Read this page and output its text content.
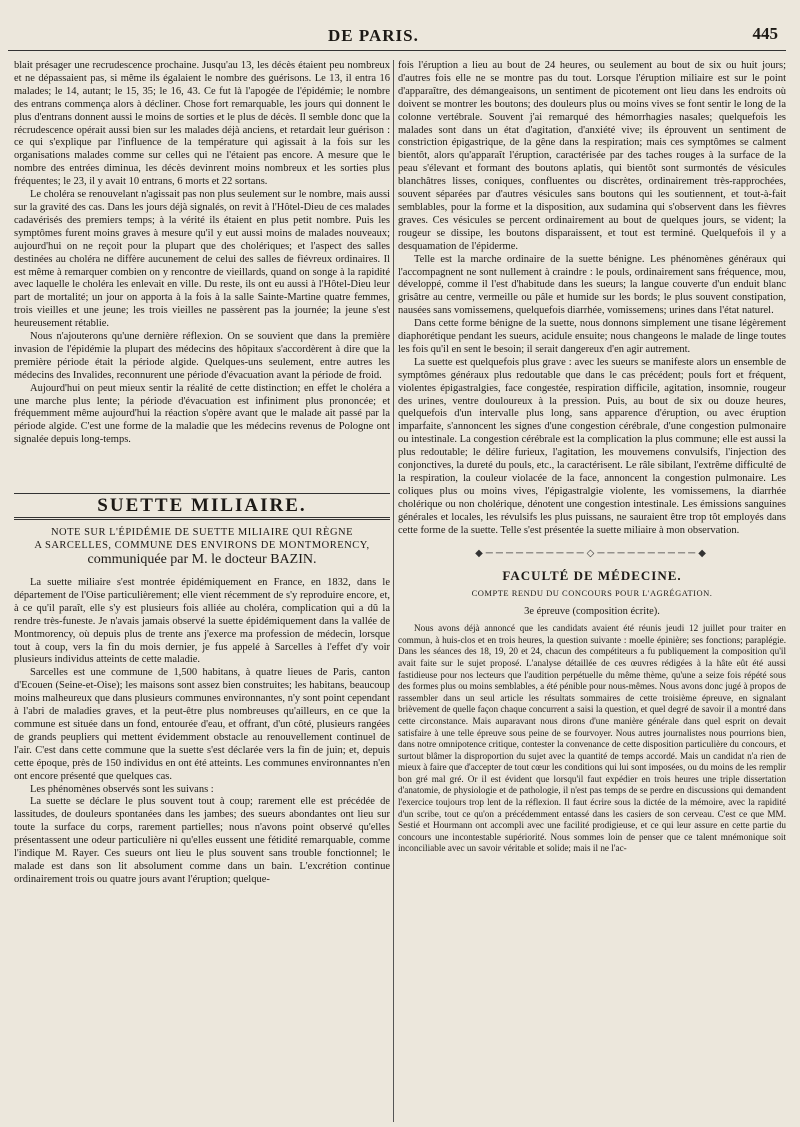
DE PARIS.	445

blait présager une recrudescence prochaine. Jusqu'au 13, les décès étaient peu nombreux et ne dépassaient pas, si même ils égalaient le nombre des guérisons. Le 13, il entra 16 malades; le 14, autant; le 15, 35; le 16, 43. Ce fut là l'apogée de l'épidémie; le nombre des entrans commença alors à décliner. Chose fort remarquable, les jours qui donnent le plus d'entrans donnent aussi le moins de sorties et le plus de décès. Il semble donc que la récrudescence opérait aussi bien sur les malades déjà anciens, et retardait leur guérison : ce qui s'explique par l'influence de la température qui agissait à la fois sur les organisations malades comme sur celles qui ne l'étaient pas encore. A mesure que le nombre des entrées diminua, les décès devinrent moins nombreux et les sorties plus fréquentes; le 23, il y avait 10 entrans, 6 morts et 22 sortans.

Le choléra se renouvelant n'agissait pas non plus seulement sur le nombre, mais aussi sur la gravité des cas. Dans les jours déjà signalés, on revit à l'Hôtel-Dieu de ces malades cadavérisés des premiers temps; à la vérité ils étaient en plus petit nombre. Puis les symptômes furent moins graves à mesure qu'il y eut aussi moins de malades nouveaux; aujourd'hui on ne reçoit pour la plupart que des cholériques; et l'aspect des salles destinées au choléra ne diffère aucunement de celui des salles de fiévreux ordinaires. Il est même à remarquer combien on y rencontre de vieillards, quand on songe à la rapidité avec laquelle le choléra les enlevait en ville. Du reste, ils ont eu aussi à l'Hôtel-Dieu leur part de mortalité; un jour on apporta à la fois à la salle Sainte-Martine quatre femmes, trois vieilles et une jeune; les trois vieilles ne passèrent pas la journée; la jeune s'est heureusement rétablie.

Nous n'ajouterons qu'une dernière réflexion. On se souvient que dans la première invasion de l'épidémie la plupart des médecins des hôpitaux s'accordèrent à dire que la première période était la période algide. Quelques-uns seulement, entre autres les médecins des Invalides, reconnurent une période d'évacuation avant la période de froid.

Aujourd'hui on peut mieux sentir la réalité de cette distinction; en effet le choléra a une marche plus lente; la période d'évacuation est infiniment plus prononcée; et fréquemment même aujourd'hui la réaction s'opère avant que le malade ait passé par la période algide. C'est une forme de la maladie que les médecins revenus de Pologne ont signalée depuis long-temps.

SUETTE MILIAIRE.
NOTE SUR L'ÉPIDÉMIE DE SUETTE MILIAIRE QUI RÈGNE
A SARCELLES, COMMUNE DES ENVIRONS DE MONTMORENCY,
communiquée par M. le docteur BAZIN.

La suette miliaire s'est montrée épidémiquement en France, en 1832, dans le département de l'Oise particulièrement; elle vient récemment de s'y reproduire encore, et, à ce qu'il paraît, elle s'y est plusieurs fois alliée au choléra, complication qui a dû la rendre très-funeste. Je n'avais jamais observé la suette épidémiquement dans la vallée de Montmorency, où depuis plus de trente ans j'exerce ma profession de médecin, lorsque tout à coup, vers la fin du mois dernier, je fus appelé à Sarcelles à l'effet d'y voir plusieurs individus atteints de cette maladie.

Sarcelles est une commune de 1,500 habitans, à quatre lieues de Paris, canton d'Ecouen (Seine-et-Oise); les maisons sont assez bien construites; les habitans, beaucoup moins malheureux que dans plusieurs communes environnantes, n'y sont point cependant à l'abri de maladies graves, et la peut-être plus nombreuses qu'ailleurs, en ce que la commune est située dans un fond, entourée d'eau, et offrant, d'un côté, plusieurs rangées de grands peupliers qui mettent évidemment obstacle au renouvellement continuel de l'air. C'est dans cette commune que la suette s'est déclarée vers la fin de juin; et, depuis cette époque, près de 150 individus en ont été atteints. Les communes environnantes n'en ont encore présenté que quelques cas.

Les phénomènes observés sont les suivans :

La suette se déclare le plus souvent tout à coup; rarement elle est précédée de lassitudes, de douleurs spontanées dans les jambes; des sueurs abondantes ont lieu sur toute la surface du corps, rarement partielles; nous n'avons point observé qu'elles présentassent une odeur particulière ni qu'elles eussent une fétidité remarquable, comme l'indique M. Rayer. Ces sueurs ont lieu le plus souvent sans trouble fonctionnel; le malade est dans son lit absolument comme dans un bain. L'excrétion continue ordinairement trois ou quatre jours avant l'éruption; quelque-

fois l'éruption a lieu au bout de 24 heures, ou seulement au bout de six ou huit jours; d'autres fois elle ne se montre pas du tout. Lorsque l'éruption miliaire est sur le point d'apparaître, des démangeaisons, un sentiment de picotement ont lieu dans les endroits où doivent se montrer les boutons; des douleurs plus ou moins vives se font sentir le long de la colonne vertébrale. Souvent j'ai remarqué des hémorrhagies nasales; quelquefois les malades sont dans un état d'agitation, d'anxiété vive; ils éprouvent un sentiment de constriction épigastrique, de la gêne dans la respiration; mais ces symptômes se calment bientôt, alors qu'apparaît l'éruption, caractérisée par des taches rouges à la surface de la peau s'élevant et formant des boutons aplatis, qui bientôt sont surmontés de vésicules blanchâtres lisses, coniques, confluentes ou discrètes, ordinairement très-rapprochées, souvent séparées par d'autres vésicules sans boutons qui les soutiennent, et tout-à-fait semblables, pour la forme et la disposition, aux sudamina qui s'observent dans les fièvres graves. Ces vésicules se percent ordinairement au bout de quelques jours, se vident; la rougeur se dissipe, les boutons disparaissent, et tout est terminé. Quelquefois il y a desquamation de l'épiderme.

Telle est la marche ordinaire de la suette bénigne. Les phénomènes généraux qui l'accompagnent ne sont nullement à craindre : le pouls, ordinairement sans fréquence, mou, développé, comme il l'est d'habitude dans les sueurs; la langue couverte d'un enduit blanc grisâtre au centre, vermeille ou pâle et humide sur les bords; le plus souvent constipation, nausées sans vomissemens, quelquefois diarrhée, vomissemens; urines dans l'état naturel.

Dans cette forme bénigne de la suette, nous donnons simplement une tisane légèrement diaphorétique pendant les sueurs, acidule ensuite; nous changeons le malade de linge toutes les fois qu'il en sent le besoin; il serait dangereux d'en agir autrement.

La suette est quelquefois plus grave : avec les sueurs se manifeste alors un ensemble de symptômes généraux plus redoutable que dans le cas précédent; pouls fort et fréquent, violentes épigastralgies, face congestée, respiration difficile, agitation, insomnie, rougeur des urines, ventre douloureux à la pression. Puis, au bout de six ou douze heures, quelquefois d'un intervalle plus long, sans apparence d'éruption, ou avec éruption imparfaite, s'annoncent les signes d'une congestion cérébrale, d'une congestion pulmonaire ou intestinale. La congestion cérébrale est la complication la plus commune; elle est aussi la plus redoutable; le délire furieux, l'agitation, les mouvemens convulsifs, l'injection des conjonctives, la dureté du pouls, etc., la caractérisent. Le râle sibilant, l'extrême difficulté de la respiration, la couleur violacée de la face, annoncent la congestion pulmonaire. Les coliques plus ou moins vives, l'épigastralgie violente, les vomissemens, la diarrhée cholérique ou non cholérique, dénotent une congestion intestinale. Les émissions sanguines générales et locales, les révulsifs les plus puissans, ne sauraient être trop tôt employés dans cette forme de la suette. Telle s'est présentée la suette miliaire à mon observation.

◆──────────◇──────────◆
FACULTÉ DE MÉDECINE.
COMPTE RENDU DU CONCOURS POUR L'AGRÉGATION.
3e épreuve (composition écrite).

Nous avons déjà annoncé que les candidats avaient été réunis jeudi 12 juillet pour traiter en commun, à huis-clos et en trois heures, la question suivante : moelle épinière; ses fonctions; paraplégie. Dans les séances des 18, 19, 20 et 24, chacun des compétiteurs a fu publiquement la composition qu'il avait faite sur le sujet proposé. L'analyse détaillée de ces œuvres rédigées à la hâte eût été aussi fastidieuse pour nos lecteurs que l'audition perpétuelle du même thème, qu'une a seize fois répété sous des formes plus ou moins semblables, a été pénible pour nous-mêmes. Nous avons donc jugé à propos de rassembler dans un seul article les résultats sommaires de cette troisième épreuve, en signalant brièvement de quelle façon chaque concurrent a saisi la question, et quel degré de savoir il a montré dans cette circonstance. Mais auparavant nous dirons d'une manière générale dans quel esprit on devait satisfaire à une telle épreuve sous peine de se fourvoyer. Nous autres journalistes nous pourrions bien, dans notre omnipotence critique, contester la convenance de cette disposition particulière du concours, et surtout blâmer la disproportion du sujet avec la quantité de temps accordé. Mais un candidat n'a rien de mieux à faire que d'accepter de tout cœur les conditions qui lui sont imposées, ou du moins de les remplir bon gré mal gré. Or il est évident que lorsqu'il faut expédier en trois heures une triple dissertation d'anatomie, de physiologie et de pathologie, il n'est pas temps de se perdre en discussions qui demandent l'exercice toujours trop lent de la réflexion. Il faut écrire sous la dictée de la mémoire, avec la rapidité d'un scribe, tout ce qu'on a précédemment entassé dans les casiers de son cerveau. C'est ce que MM. Sestié et Hourmann ont accompli avec une facilité prodigieuse, et ce qui leur assure en cette partie du concours une incontestable supériorité. Nous sommes loin de penser que ce talent mnémonique soit inconciliable avec un savoir véritable et solide; mais il ne l'ac-
